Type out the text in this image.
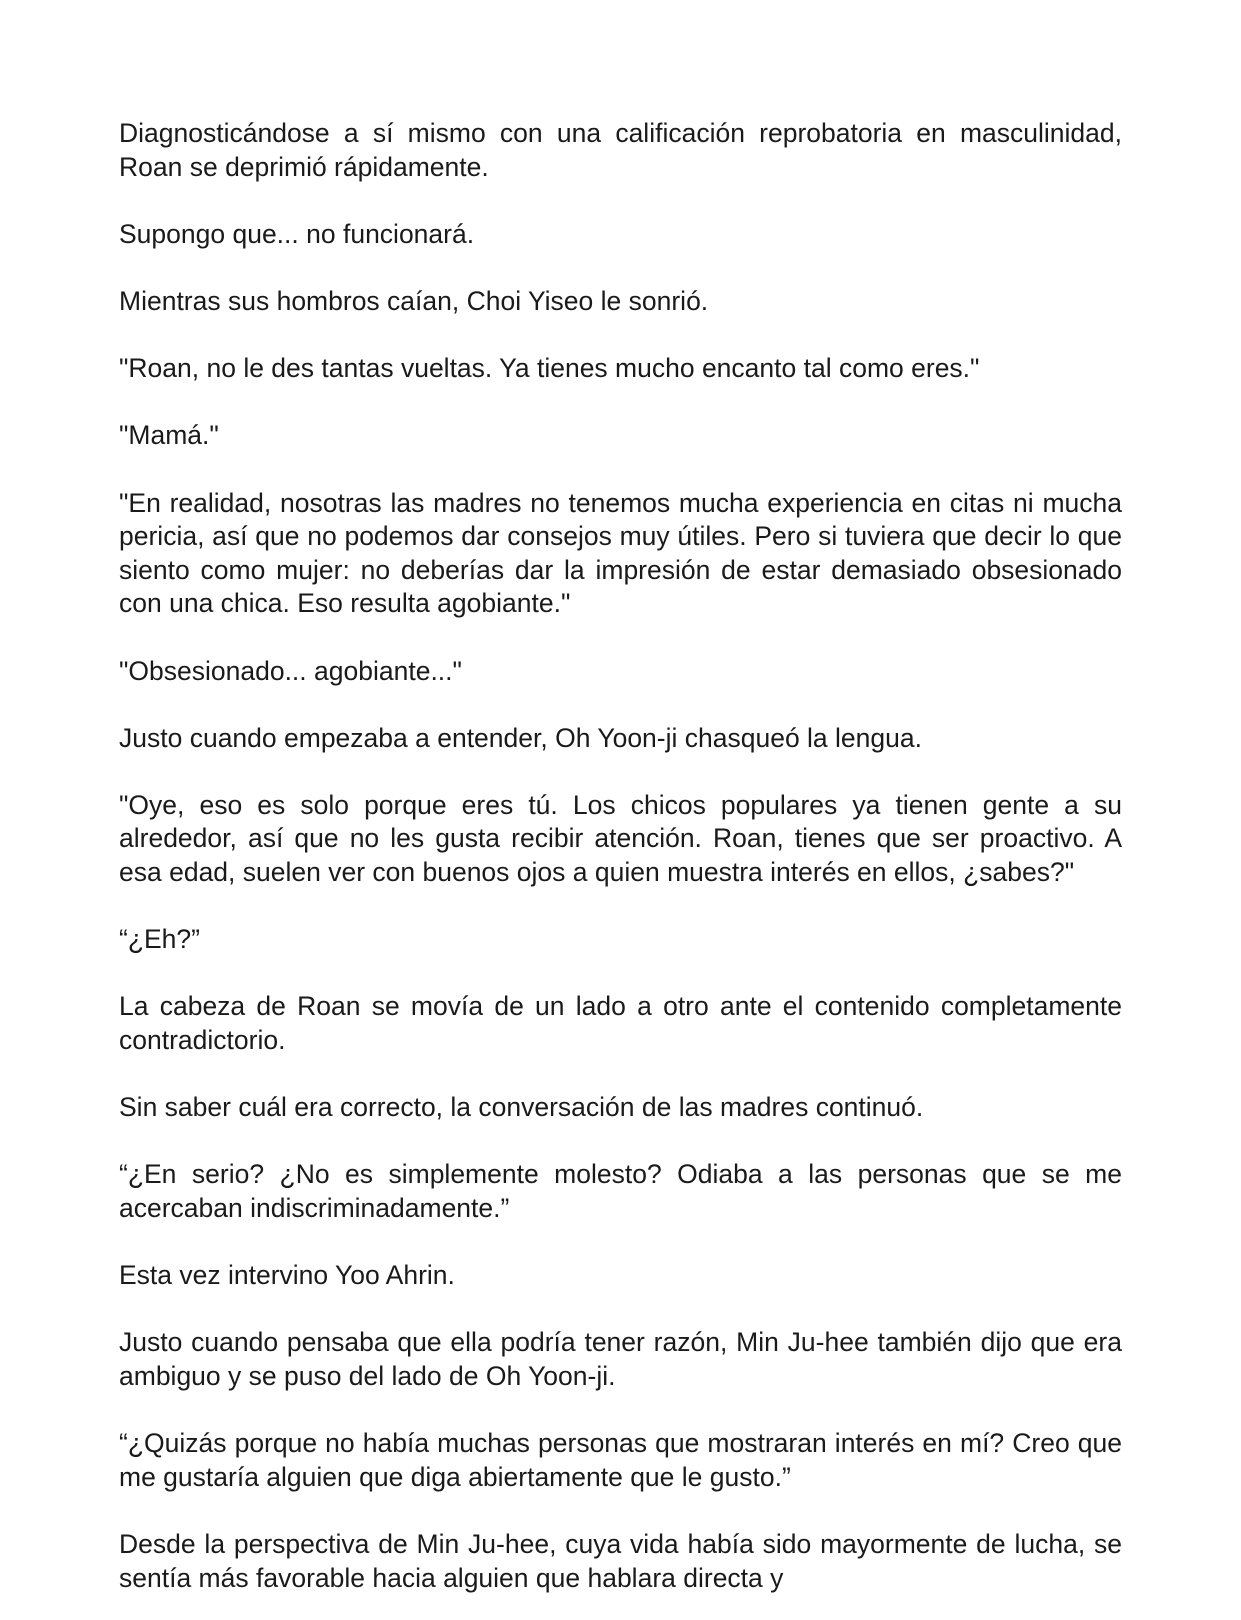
Diagnosticándose a sí mismo con una calificación reprobatoria en masculinidad, Roan se deprimió rápidamente.

Supongo que... no funcionará.

Mientras sus hombros caían, Choi Yiseo le sonrió.

"Roan, no le des tantas vueltas. Ya tienes mucho encanto tal como eres."

"Mamá."

"En realidad, nosotras las madres no tenemos mucha experiencia en citas ni mucha pericia, así que no podemos dar consejos muy útiles. Pero si tuviera que decir lo que siento como mujer: no deberías dar la impresión de estar demasiado obsesionado con una chica. Eso resulta agobiante."

"Obsesionado... agobiante..."

Justo cuando empezaba a entender, Oh Yoon-ji chasqueó la lengua.

"Oye, eso es solo porque eres tú. Los chicos populares ya tienen gente a su alrededor, así que no les gusta recibir atención. Roan, tienes que ser proactivo. A esa edad, suelen ver con buenos ojos a quien muestra interés en ellos, ¿sabes?"

“¿Eh?”

La cabeza de Roan se movía de un lado a otro ante el contenido completamente contradictorio.

Sin saber cuál era correcto, la conversación de las madres continuó.

“¿En serio? ¿No es simplemente molesto? Odiaba a las personas que se me acercaban indiscriminadamente.”

Esta vez intervino Yoo Ahrin.

Justo cuando pensaba que ella podría tener razón, Min Ju-hee también dijo que era ambiguo y se puso del lado de Oh Yoon-ji.

“¿Quizás porque no había muchas personas que mostraran interés en mí? Creo que me gustaría alguien que diga abiertamente que le gusto.”

Desde la perspectiva de Min Ju-hee, cuya vida había sido mayormente de lucha, se sentía más favorable hacia alguien que hablara directa y
